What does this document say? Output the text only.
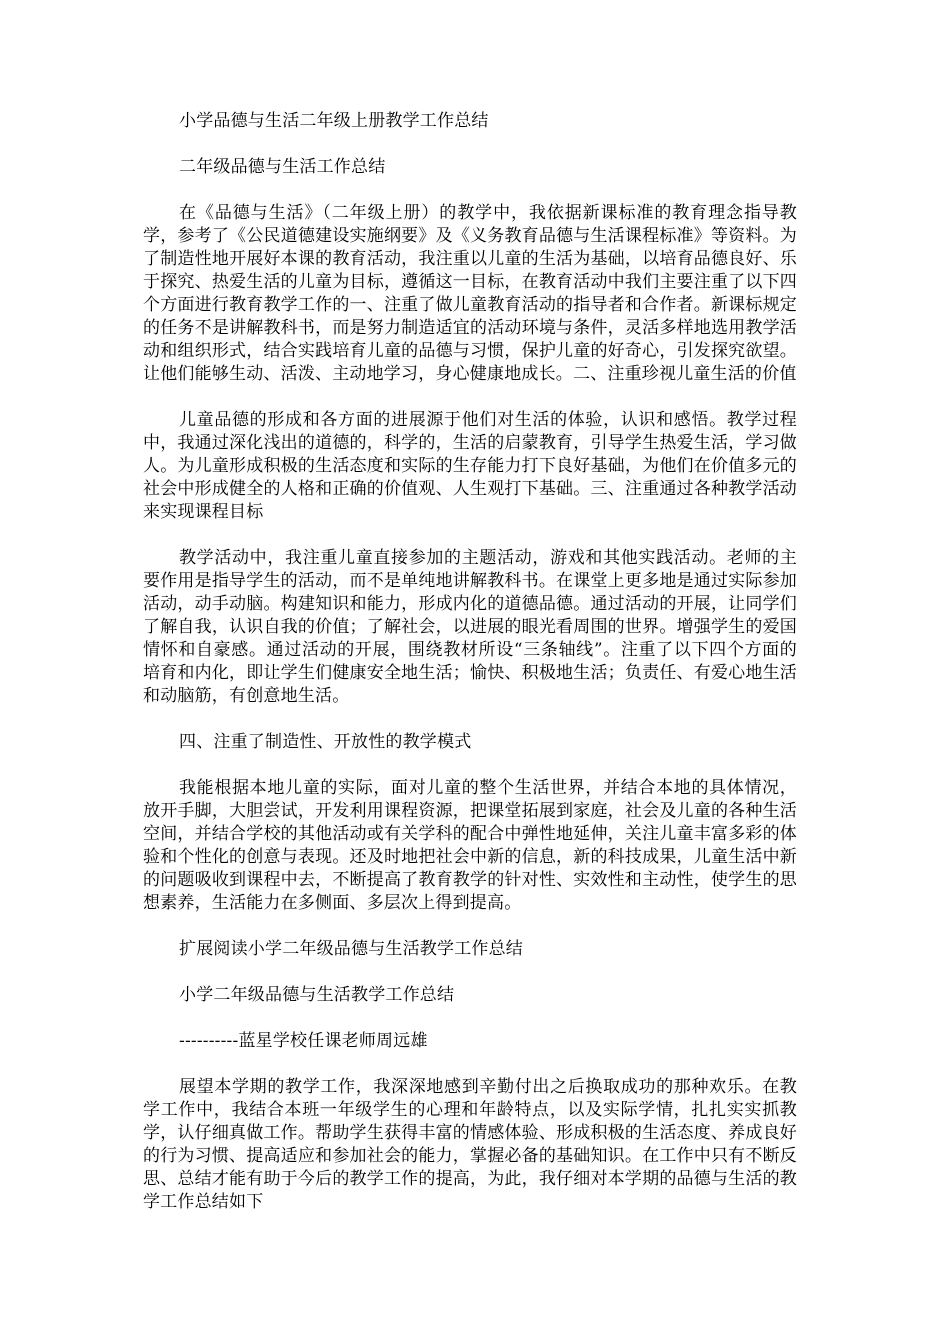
小学品德与生活二年级上册教学工作总结

二年级品德与生活工作总结

在《品德与生活》（二年级上册）的教学中，我依据新课标准的教育理念指导教学，参考了《公民道德建设实施纲要》及《义务教育品德与生活课程标准》等资料。为了制造性地开展好本课的教育活动，我注重以儿童的生活为基础，以培育品德良好、乐于探究、热爱生活的儿童为目标，遵循这一目标，在教育活动中我们主要注重了以下四个方面进行教育教学工作的一、注重了做儿童教育活动的指导者和合作者。新课标规定的任务不是讲解教科书，而是努力制造适宜的活动环境与条件，灵活多样地选用教学活动和组织形式，结合实践培育儿童的品德与习惯，保护儿童的好奇心，引发探究欲望。让他们能够生动、活泼、主动地学习，身心健康地成长。二、注重珍视儿童生活的价值

儿童品德的形成和各方面的进展源于他们对生活的体验，认识和感悟。教学过程中，我通过深化浅出的道德的，科学的，生活的启蒙教育，引导学生热爱生活，学习做人。为儿童形成积极的生活态度和实际的生存能力打下良好基础，为他们在价值多元的社会中形成健全的人格和正确的价值观、人生观打下基础。三、注重通过各种教学活动来实现课程目标

教学活动中，我注重儿童直接参加的主题活动，游戏和其他实践活动。老师的主要作用是指导学生的活动，而不是单纯地讲解教科书。在课堂上更多地是通过实际参加活动，动手动脑。构建知识和能力，形成内化的道德品德。通过活动的开展，让同学们了解自我，认识自我的价值；了解社会，以进展的眼光看周围的世界。增强学生的爱国情怀和自豪感。通过活动的开展，围绕教材所设“三条轴线”。注重了以下四个方面的培育和内化，即让学生们健康安全地生活；愉快、积极地生活；负责任、有爱心地生活和动脑筋，有创意地生活。

四、注重了制造性、开放性的教学模式

我能根据本地儿童的实际，面对儿童的整个生活世界，并结合本地的具体情况，放开手脚，大胆尝试，开发利用课程资源，把课堂拓展到家庭，社会及儿童的各种生活空间，并结合学校的其他活动或有关学科的配合中弹性地延伸，关注儿童丰富多彩的体验和个性化的创意与表现。还及时地把社会中新的信息，新的科技成果，儿童生活中新的问题吸收到课程中去，不断提高了教育教学的针对性、实效性和主动性，使学生的思想素养，生活能力在多侧面、多层次上得到提高。

扩展阅读小学二年级品德与生活教学工作总结

小学二年级品德与生活教学工作总结

----------蓝星学校任课老师周远雄

展望本学期的教学工作，我深深地感到辛勤付出之后换取成功的那种欢乐。在教学工作中，我结合本班一年级学生的心理和年龄特点，以及实际学情，扎扎实实抓教学，认仔细真做工作。帮助学生获得丰富的情感体验、形成积极的生活态度、养成良好的行为习惯、提高适应和参加社会的能力，掌握必备的基础知识。在工作中只有不断反思、总结才能有助于今后的教学工作的提高，为此，我仔细对本学期的品德与生活的教学工作总结如下
